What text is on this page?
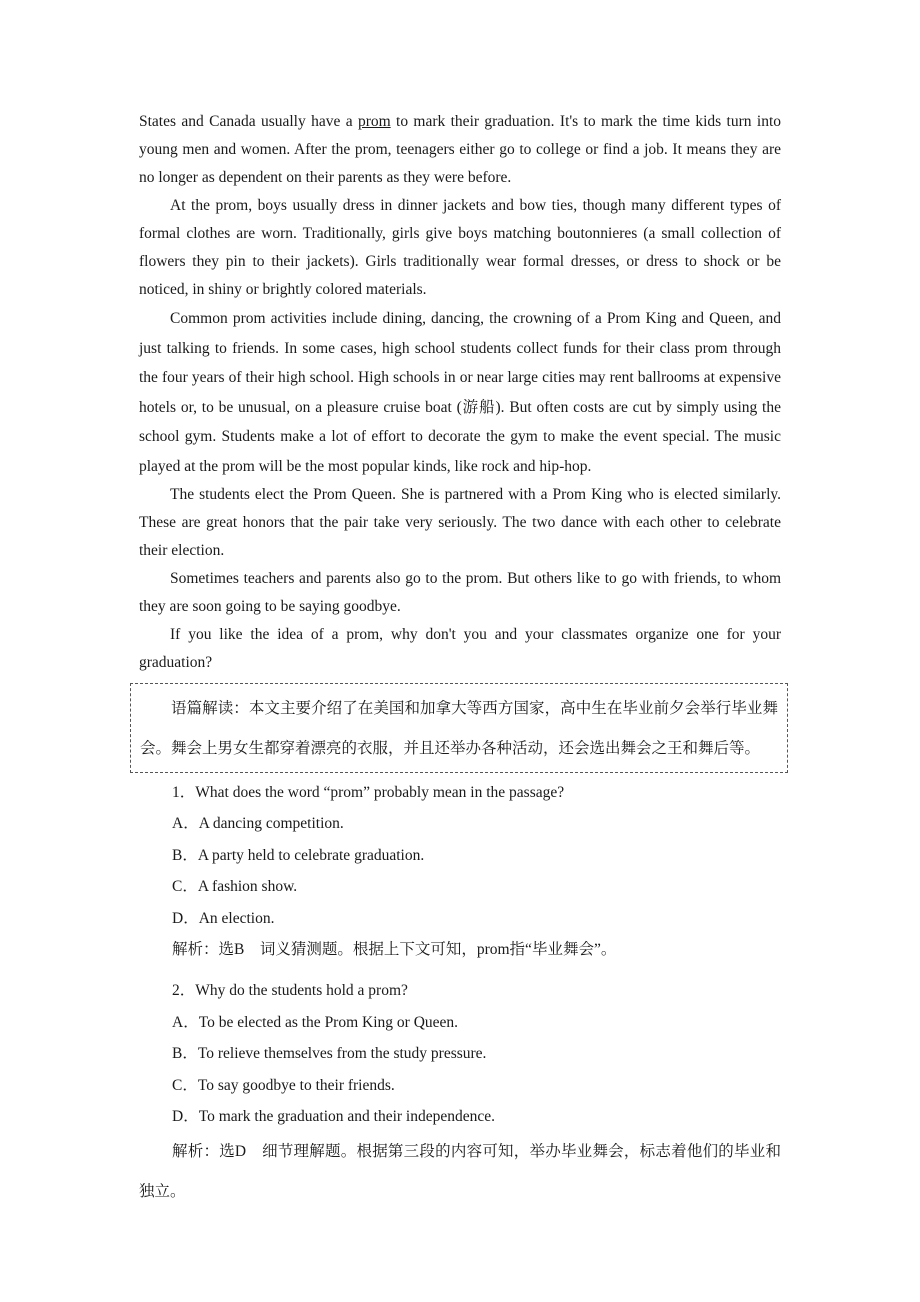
States and Canada usually have a prom to mark their graduation. It's to mark the time kids turn into young men and women. After the prom, teenagers either go to college or find a job. It means they are no longer as dependent on their parents as they were before.

At the prom, boys usually dress in dinner jackets and bow ties, though many different types of formal clothes are worn. Traditionally, girls give boys matching boutonnieres (a small collection of flowers they pin to their jackets). Girls traditionally wear formal dresses, or dress to shock or be noticed, in shiny or brightly colored materials.

Common prom activities include dining, dancing, the crowning of a Prom King and Queen, and just talking to friends. In some cases, high school students collect funds for their class prom through the four years of their high school. High schools in or near large cities may rent ballrooms at expensive hotels or, to be unusual, on a pleasure cruise boat (游船). But often costs are cut by simply using the school gym. Students make a lot of effort to decorate the gym to make the event special. The music played at the prom will be the most popular kinds, like rock and hip-hop.

The students elect the Prom Queen. She is partnered with a Prom King who is elected similarly. These are great honors that the pair take very seriously. The two dance with each other to celebrate their election.

Sometimes teachers and parents also go to the prom. But others like to go with friends, to whom they are soon going to be saying goodbye.

If you like the idea of a prom, why don't you and your classmates organize one for your graduation?

语篇解读：本文主要介绍了在美国和加拿大等西方国家，高中生在毕业前夕会举行毕业舞会。舞会上男女生都穿着漂亮的衣服，并且还举办各种活动，还会选出舞会之王和舞后等。

1．What does the word “prom” probably mean in the passage?

A．A dancing competition.

B．A party held to celebrate graduation.

C．A fashion show.

D．An election.

解析：选B　词义猜测题。根据上下文可知，prom指“毕业舞会”。

2．Why do the students hold a prom?

A．To be elected as the Prom King or Queen.

B．To relieve themselves from the study pressure.

C．To say goodbye to their friends.

D．To mark the graduation and their independence.

解析：选D　细节理解题。根据第三段的内容可知，举办毕业舞会，标志着他们的毕业和独立。
